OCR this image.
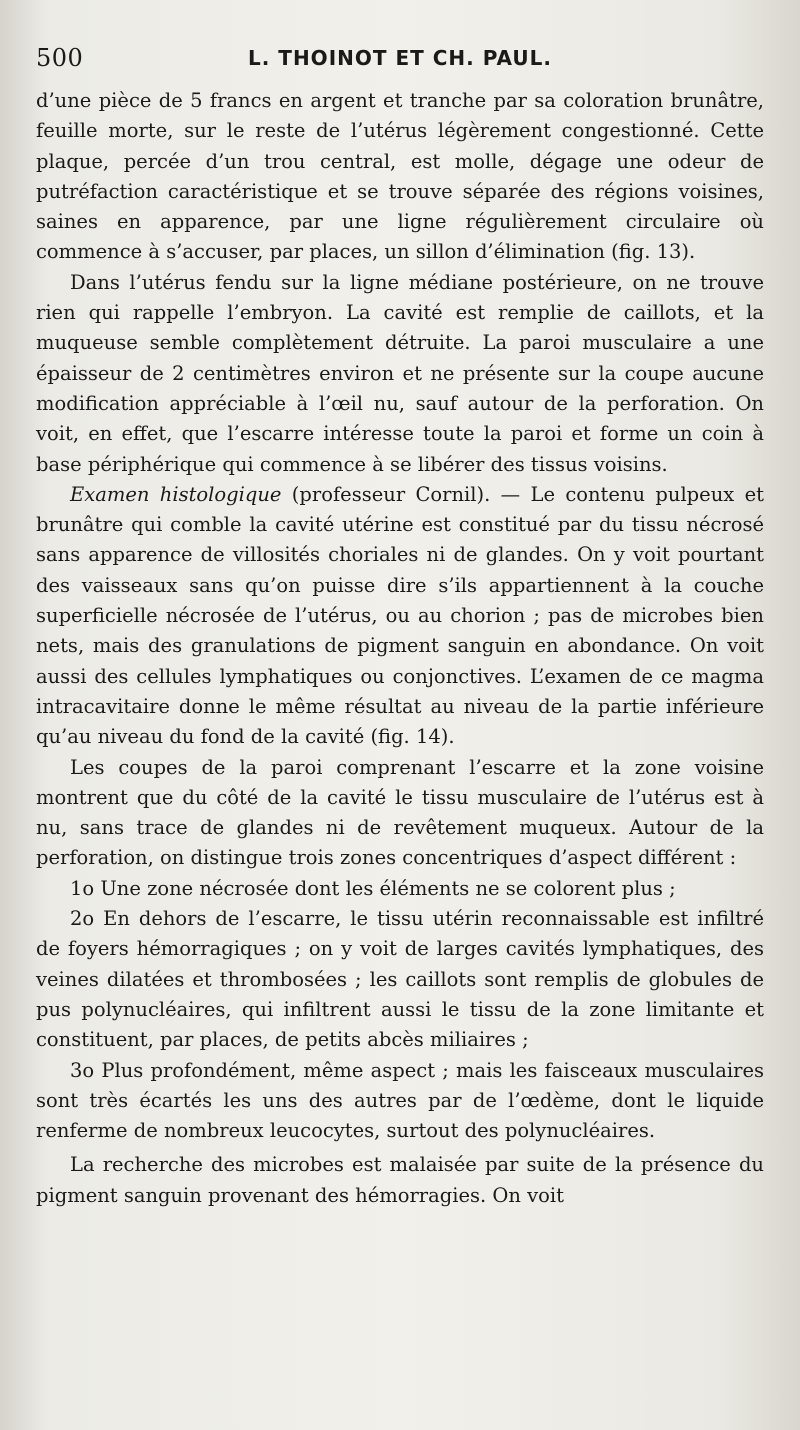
500	L. THOINOT ET CH. PAUL.

d’une pièce de 5 francs en argent et tranche par sa coloration brunâtre, feuille morte, sur le reste de l’utérus légèrement congestionné. Cette plaque, percée d’un trou central, est molle, dégage une odeur de putréfaction caractéristique et se trouve séparée des régions voisines, saines en apparence, par une ligne régulièrement circulaire où commence à s’accuser, par places, un sillon d’élimination (fig. 13).

Dans l’utérus fendu sur la ligne médiane postérieure, on ne trouve rien qui rappelle l’embryon. La cavité est remplie de caillots, et la muqueuse semble complètement détruite. La paroi musculaire a une épaisseur de 2 centimètres environ et ne présente sur la coupe aucune modification appréciable à l’œil nu, sauf autour de la perforation. On voit, en effet, que l’escarre intéresse toute la paroi et forme un coin à base périphérique qui commence à se libérer des tissus voisins.

Examen histologique (professeur Cornil). — Le contenu pulpeux et brunâtre qui comble la cavité utérine est constitué par du tissu nécrosé sans apparence de villosités choriales ni de glandes. On y voit pourtant des vaisseaux sans qu’on puisse dire s’ils appartiennent à la couche superficielle nécrosée de l’utérus, ou au chorion ; pas de microbes bien nets, mais des granulations de pigment sanguin en abondance. On voit aussi des cellules lymphatiques ou conjonctives. L’examen de ce magma intracavitaire donne le même résultat au niveau de la partie inférieure qu’au niveau du fond de la cavité (fig. 14).

Les coupes de la paroi comprenant l’escarre et la zone voisine montrent que du côté de la cavité le tissu musculaire de l’utérus est à nu, sans trace de glandes ni de revêtement muqueux. Autour de la perforation, on distingue trois zones concentriques d’aspect différent :

1o Une zone nécrosée dont les éléments ne se colorent plus ;

2o En dehors de l’escarre, le tissu utérin reconnaissable est infiltré de foyers hémorragiques ; on y voit de larges cavités lymphatiques, des veines dilatées et thrombosées ; les caillots sont remplis de globules de pus polynucléaires, qui infiltrent aussi le tissu de la zone limitante et constituent, par places, de petits abcès miliaires ;

3o Plus profondément, même aspect ; mais les faisceaux musculaires sont très écartés les uns des autres par de l’œdème, dont le liquide renferme de nombreux leucocytes, surtout des polynucléaires.

La recherche des microbes est malaisée par suite de la présence du pigment sanguin provenant des hémorragies. On voit
